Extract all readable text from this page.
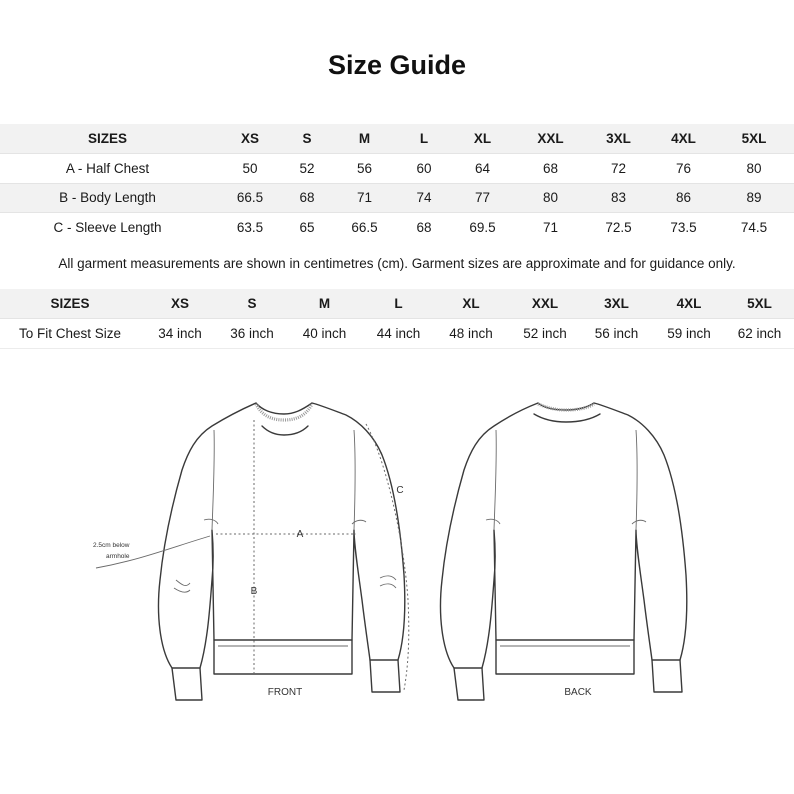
Size Guide
SIZES	XS	S	M	L	XL	XXL	3XL	4XL	5XL
A - Half Chest	50	52	56	60	64	68	72	76	80
B - Body Length	66.5	68	71	74	77	80	83	86	89
C - Sleeve Length	63.5	65	66.5	68	69.5	71	72.5	73.5	74.5
All garment measurements are shown in centimetres (cm). Garment sizes are approximate and for guidance only.
SIZES	XS	S	M	L	XL	XXL	3XL	4XL	5XL
To Fit Chest Size	34 inch	36 inch	40 inch	44 inch	48 inch	52 inch	56 inch	59 inch	62 inch
A
B
C
2.5cm below
armhole
FRONT	BACK
